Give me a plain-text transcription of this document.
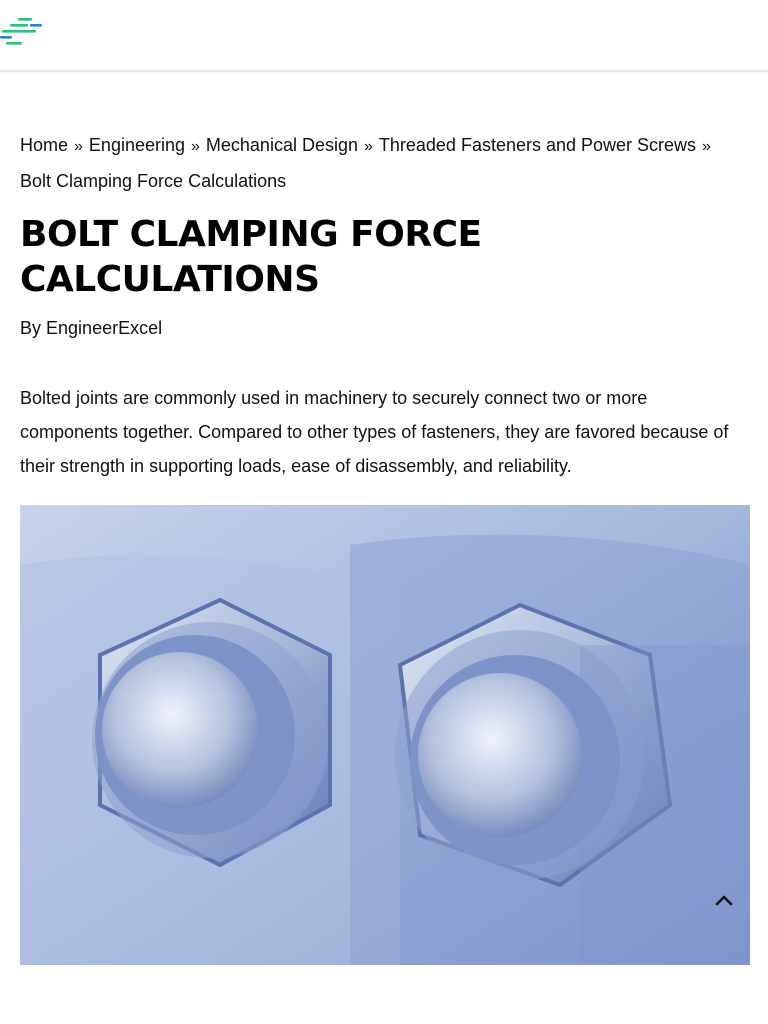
Home » Engineering » Mechanical Design » Threaded Fasteners and Power Screws »
Bolt Clamping Force Calculations
BOLT CLAMPING FORCE CALCULATIONS
By EngineerExcel

Bolted joints are commonly used in machinery to securely connect two or more components together. Compared to other types of fasteners, they are favored because of their strength in supporting loads, ease of disassembly, and reliability.
